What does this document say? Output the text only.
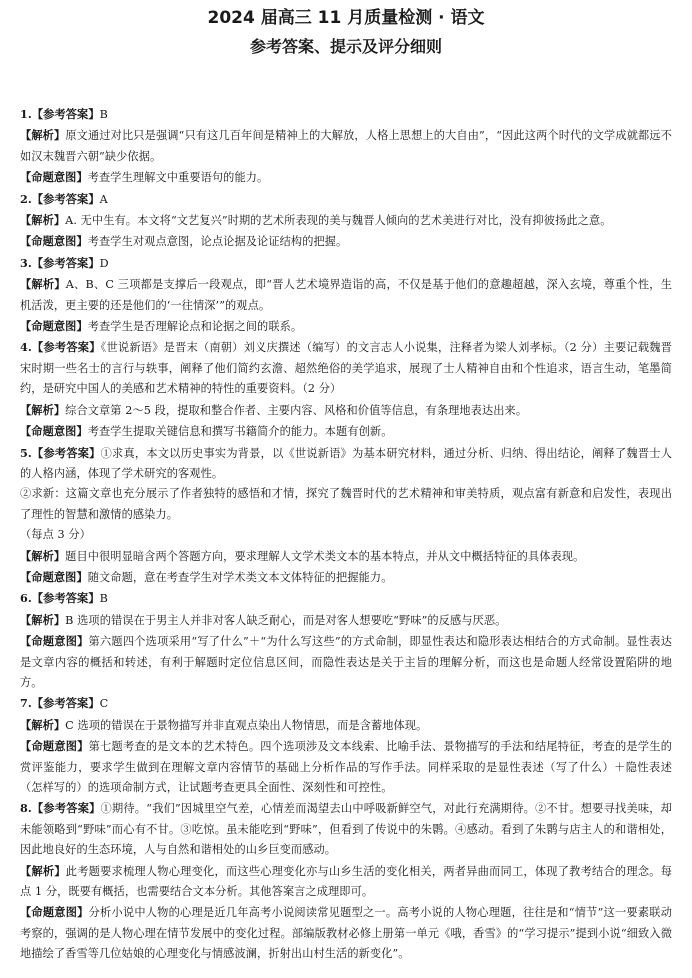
2024 届高三 11 月质量检测 · 语文
参考答案、提示及评分细则

1.【参考答案】B

【解析】原文通过对比只是强调“只有这几百年间是精神上的大解放，人格上思想上的大自由”，“因此这两个时代的文学成就都远不如汉末魏晋六朝”缺少依据。

【命题意图】考查学生理解文中重要语句的能力。

2.【参考答案】A

【解析】A. 无中生有。本文将“文艺复兴”时期的艺术所表现的美与魏晋人倾向的艺术美进行对比，没有抑彼扬此之意。

【命题意图】考查学生对观点意图，论点论据及论证结构的把握。

3.【参考答案】D

【解析】A、B、C 三项都是支撑后一段观点，即“晋人艺术境界造诣的高，不仅是基于他们的意趣超越，深入玄境，尊重个性，生机活泼，更主要的还是他们的‘一往情深’”的观点。

【命题意图】考查学生是否理解论点和论据之间的联系。

4.【参考答案】《世说新语》是晋末（南朝）刘义庆撰述（编写）的文言志人小说集，注释者为梁人刘孝标。（2 分）主要记载魏晋宋时期一些名士的言行与轶事，阐释了他们简约玄澹、超然绝俗的美学追求，展现了士人精神自由和个性追求，语言生动，笔墨简约，是研究中国人的美感和艺术精神的特性的重要资料。（2 分）

【解析】综合文章第 2～5 段，提取和整合作者、主要内容、风格和价值等信息，有条理地表达出来。

【命题意图】考查学生提取关键信息和撰写书籍简介的能力。本题有创新。

5.【参考答案】①求真，本文以历史事实为背景，以《世说新语》为基本研究材料，通过分析、归纳、得出结论，阐释了魏晋士人的人格内涵，体现了学术研究的客观性。

②求新：这篇文章也充分展示了作者独特的感悟和才情，探究了魏晋时代的艺术精神和审美特质，观点富有新意和启发性，表现出了理性的智慧和激情的感染力。

（每点 3 分）

【解析】题目中很明显暗含两个答题方向，要求理解人文学术类文本的基本特点，并从文中概括特征的具体表现。

【命题意图】随文命题，意在考查学生对学术类文本文体特征的把握能力。

6.【参考答案】B

【解析】B 选项的错误在于男主人并非对客人缺乏耐心，而是对客人想要吃“野味”的反感与厌恶。

【命题意图】第六题四个选项采用“写了什么”＋“为什么写这些”的方式命制，即显性表达和隐形表达相结合的方式命制。显性表达是文章内容的概括和转述，有利于解题时定位信息区间，而隐性表达是关于主旨的理解分析，而这也是命题人经常设置陷阱的地方。

7.【参考答案】C

【解析】C 选项的错误在于景物描写并非直观点染出人物情思，而是含蓄地体现。

【命题意图】第七题考查的是文本的艺术特色。四个选项涉及文本线索、比喻手法、景物描写的手法和结尾特征，考查的是学生的赏评鉴能力，要求学生做到在理解文章内容情节的基础上分析作品的写作手法。同样采取的是显性表述（写了什么）＋隐性表述（怎样写的）的选项命制方式，让试题考查更具全面性、深刻性和可控性。

8.【参考答案】①期待。“我们”因城里空气差，心情差而渴望去山中呼吸新鲜空气，对此行充满期待。②不甘。想要寻找美味，却未能领略到“野味”而心有不甘。③吃惊。虽未能吃到“野味”，但看到了传说中的朱鹮。④感动。看到了朱鹮与店主人的和谐相处，因此地良好的生态环境，人与自然和谐相处的山乡巨变而感动。

【解析】此考题要求梳理人物心理变化，而这些心理变化亦与山乡生活的变化相关，两者异曲而同工，体现了教考结合的理念。每点 1 分，既要有概括，也需要结合文本分析。其他答案言之成理即可。

【命题意图】分析小说中人物的心理是近几年高考小说阅读常见题型之一。高考小说的人物心理题，往往是和“情节”这一要素联动考察的，强调的是人物心理在情节发展中的变化过程。部编版教材必修上册第一单元《哦，香雪》的“学习提示”提到小说“细致入微地描绘了香雪等几位姑娘的心理变化与情感波澜，折射出山村生活的新变化”。
